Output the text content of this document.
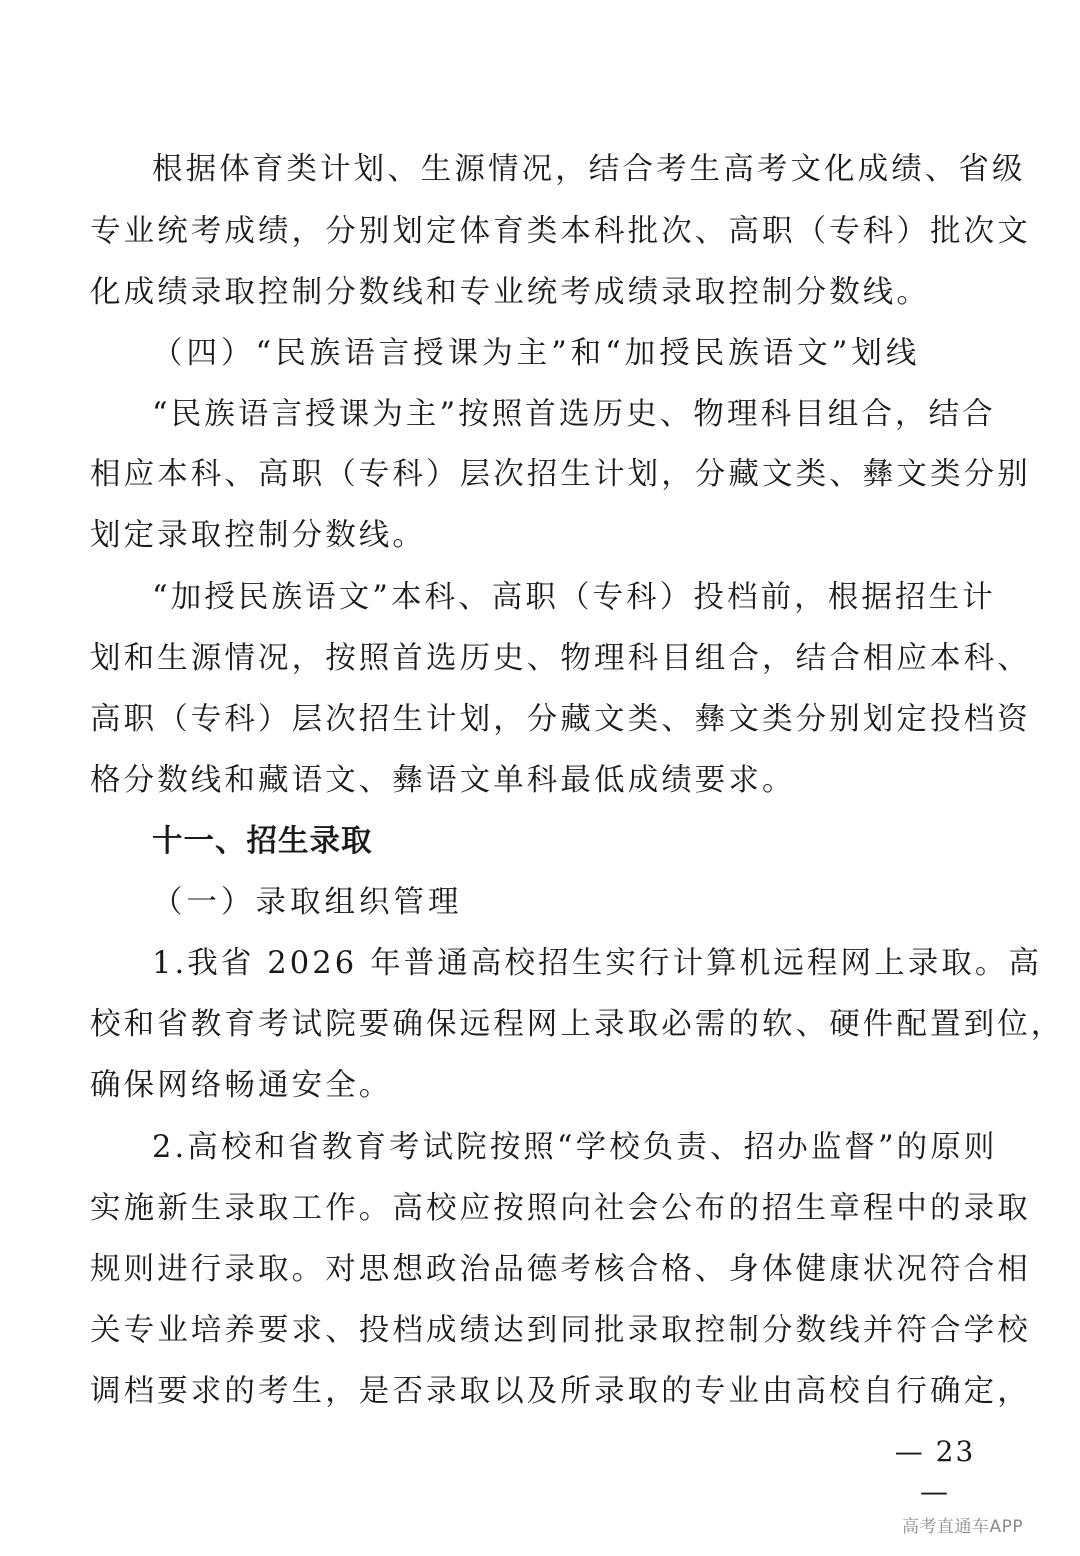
根据体育类计划、生源情况，结合考生高考文化成绩、省级
专业统考成绩，分别划定体育类本科批次、高职（专科）批次文
化成绩录取控制分数线和专业统考成绩录取控制分数线。
（四）“民族语言授课为主”和“加授民族语文”划线
“民族语言授课为主”按照首选历史、物理科目组合，结合
相应本科、高职（专科）层次招生计划，分藏文类、彝文类分别
划定录取控制分数线。
“加授民族语文”本科、高职（专科）投档前，根据招生计
划和生源情况，按照首选历史、物理科目组合，结合相应本科、
高职（专科）层次招生计划，分藏文类、彝文类分别划定投档资
格分数线和藏语文、彝语文单科最低成绩要求。
十一、招生录取
（一）录取组织管理
1.我省 2026 年普通高校招生实行计算机远程网上录取。高
校和省教育考试院要确保远程网上录取必需的软、硬件配置到位，
确保网络畅通安全。
2.高校和省教育考试院按照“学校负责、招办监督”的原则
实施新生录取工作。高校应按照向社会公布的招生章程中的录取
规则进行录取。对思想政治品德考核合格、身体健康状况符合相
关专业培养要求、投档成绩达到同批录取控制分数线并符合学校
调档要求的考生，是否录取以及所录取的专业由高校自行确定，
— 23 —
高考直通车APP
